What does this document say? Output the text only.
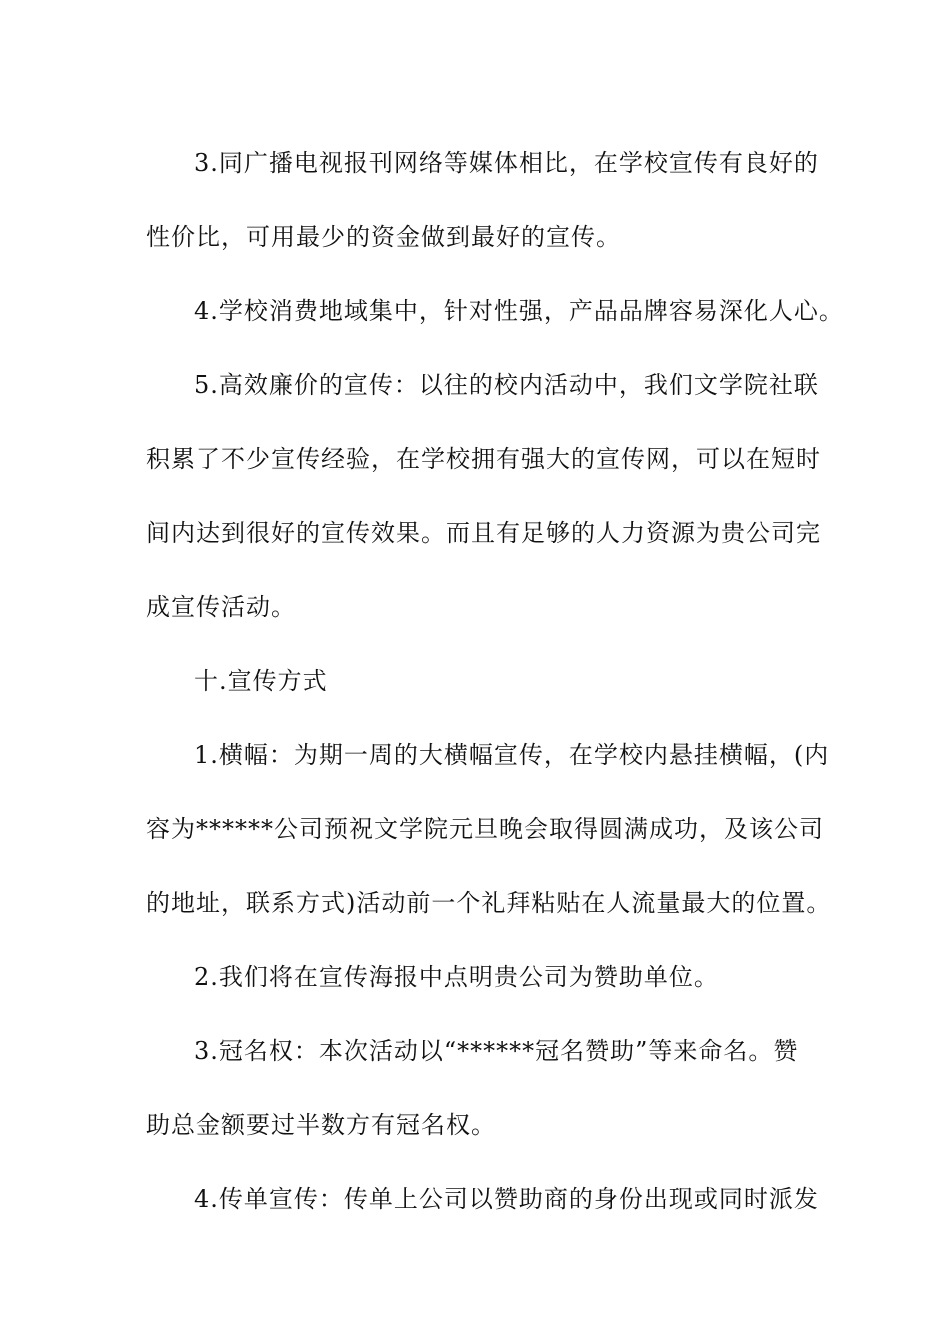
3.同广播电视报刊网络等媒体相比，在学校宣传有良好的
性价比，可用最少的资金做到最好的宣传。

4.学校消费地域集中，针对性强，产品品牌容易深化人心。

5.高效廉价的宣传：以往的校内活动中，我们文学院社联
积累了不少宣传经验，在学校拥有强大的宣传网，可以在短时
间内达到很好的宣传效果。而且有足够的人力资源为贵公司完
成宣传活动。

十.宣传方式

1.横幅：为期一周的大横幅宣传，在学校内悬挂横幅，(内
容为******公司预祝文学院元旦晚会取得圆满成功，及该公司
的地址，联系方式)活动前一个礼拜粘贴在人流量最大的位置。

2.我们将在宣传海报中点明贵公司为赞助单位。

3.冠名权：本次活动以“******冠名赞助”等来命名。赞
助总金额要过半数方有冠名权。

4.传单宣传：传单上公司以赞助商的身份出现或同时派发
